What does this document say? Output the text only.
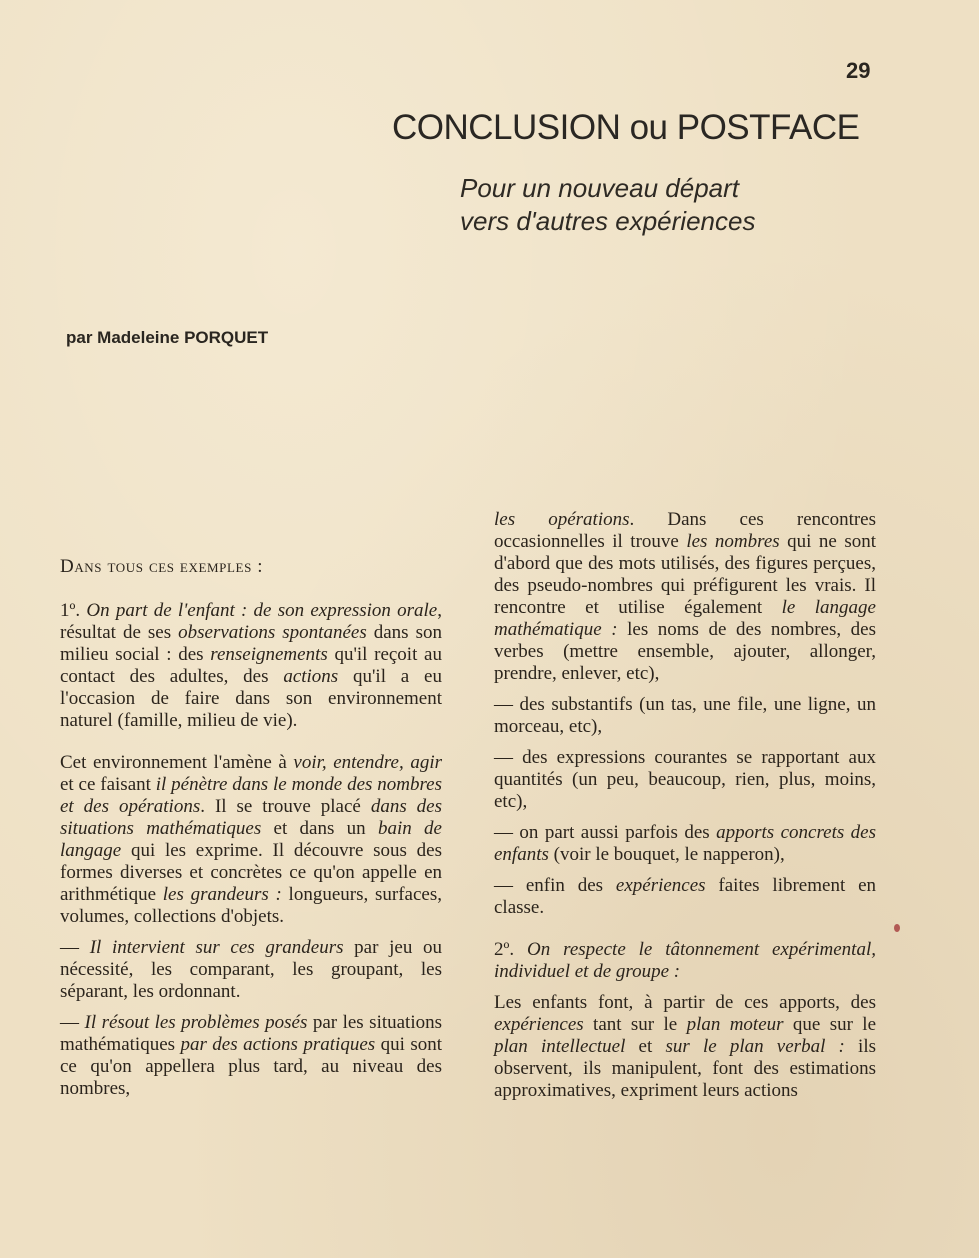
29
CONCLUSION ou POSTFACE
Pour un nouveau départ
vers d'autres expériences
par Madeleine PORQUET

Dans tous ces exemples :

1º. On part de l'enfant : de son expression orale, résultat de ses observations spontanées dans son milieu social : des renseignements qu'il reçoit au contact des adultes, des actions qu'il a eu l'occasion de faire dans son environnement naturel (famille, milieu de vie).

Cet environnement l'amène à voir, entendre, agir et ce faisant il pénètre dans le monde des nombres et des opérations. Il se trouve placé dans des situations mathématiques et dans un bain de langage qui les exprime. Il découvre sous des formes diverses et concrètes ce qu'on appelle en arithmétique les grandeurs : longueurs, surfaces, volumes, collections d'objets.

— Il intervient sur ces grandeurs par jeu ou nécessité, les comparant, les groupant, les séparant, les ordonnant.

— Il résout les problèmes posés par les situations mathématiques par des actions pratiques qui sont ce qu'on appellera plus tard, au niveau des nombres,

les opérations. Dans ces rencontres occasionnelles il trouve les nombres qui ne sont d'abord que des mots utilisés, des figures perçues, des pseudo-nombres qui préfigurent les vrais. Il rencontre et utilise également le langage mathématique : les noms de des nombres, des verbes (mettre ensemble, ajouter, allonger, prendre, enlever, etc),

— des substantifs (un tas, une file, une ligne, un morceau, etc),

— des expressions courantes se rapportant aux quantités (un peu, beaucoup, rien, plus, moins, etc),

— on part aussi parfois des apports concrets des enfants (voir le bouquet, le napperon),

— enfin des expériences faites librement en classe.

2º. On respecte le tâtonnement expérimental, individuel et de groupe :

Les enfants font, à partir de ces apports, des expériences tant sur le plan moteur que sur le plan intellectuel et sur le plan verbal : ils observent, ils manipulent, font des estimations approximatives, expriment leurs actions
